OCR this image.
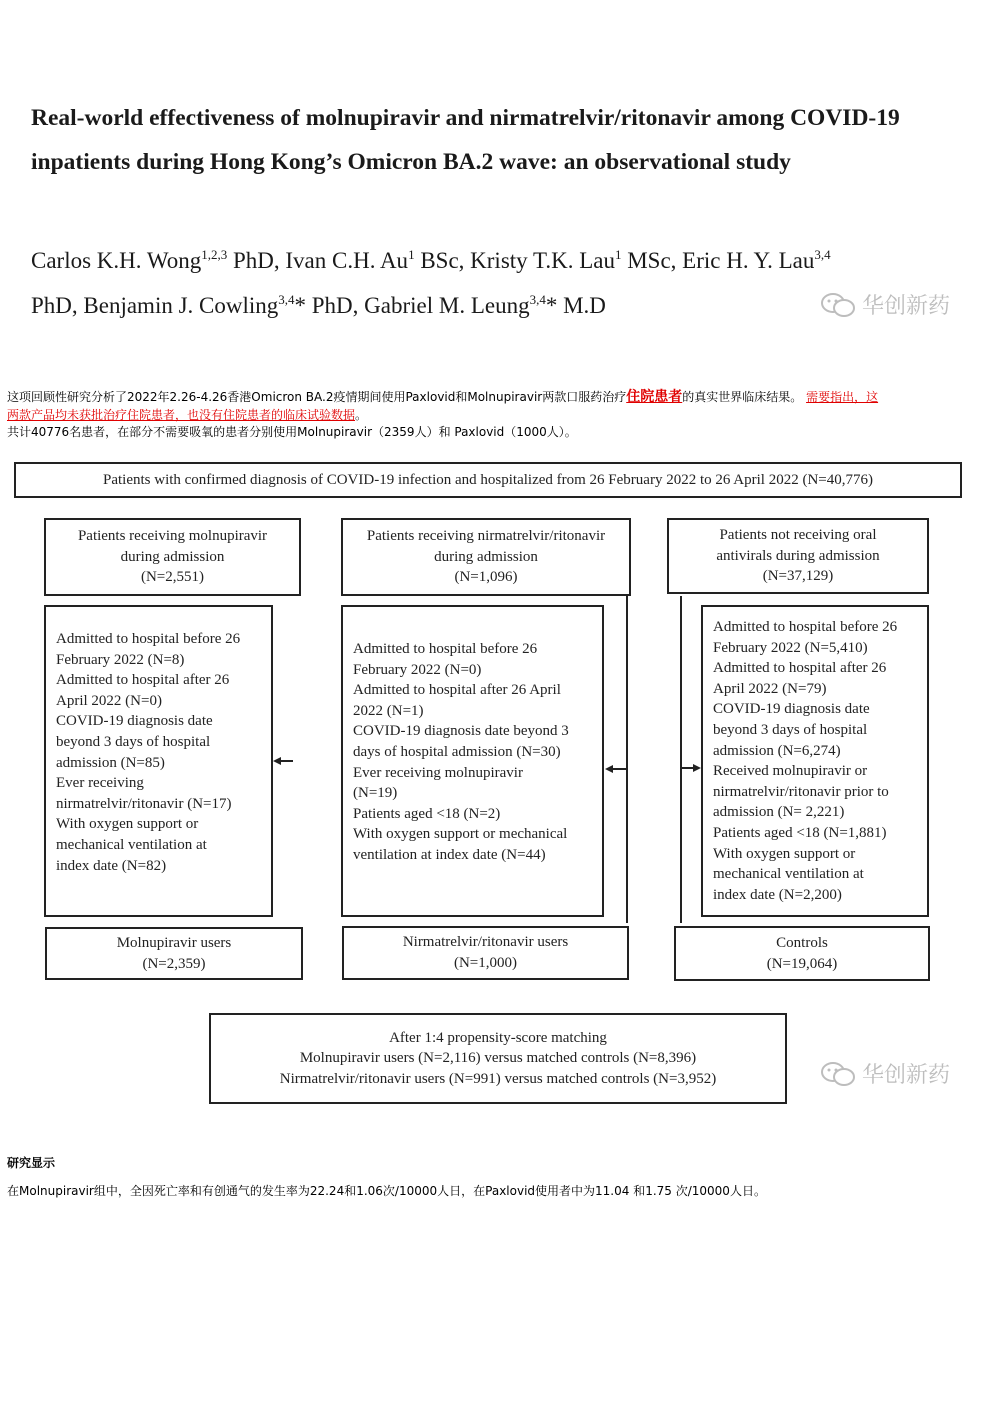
Real-world effectiveness of molnupiravir and nirmatrelvir/ritonavir among COVID-19 inpatients during Hong Kong’s Omicron BA.2 wave: an observational study
Carlos K.H. Wong$^{1,2,3}$ PhD, Ivan C.H. Au$^1$ BSc, Kristy T.K. Lau$^1$ MSc, Eric H. Y. Lau$^{3,4}$
PhD, Benjamin J. Cowling$^{3,4}$* PhD, Gabriel M. Leung$^{3,4}$* M.D	华创新药
这项回顾性研究分析了2022年2.26-4.26香港Omicron BA.2疫情期间使用Paxlovid和Molnupiravir两款口服药治疗住院患者的真实世界临床结果。 需要指出，这
两款产品均未获批治疗住院患者，也没有住院患者的临床试验数据。
共计40776名患者，在部分不需要吸氧的患者分别使用Molnupiravir（2359人）和 Paxlovid（1000人）。
Patients with confirmed diagnosis of COVID-19 infection and hospitalized from 26 February 2022 to 26 April 2022 (N=40,776)
Patients receiving molnupiravir
during admission
(N=2,551)
Patients receiving nirmatrelvir/ritonavir
during admission
(N=1,096)
Patients not receiving oral
antivirals during admission
(N=37,129)
Admitted to hospital before 26
February 2022 (N=8)
Admitted to hospital after 26
April 2022 (N=0)
COVID-19 diagnosis date
beyond 3 days of hospital
admission (N=85)
Ever receiving
nirmatrelvir/ritonavir (N=17)
With oxygen support or
mechanical ventilation at
index date (N=82)
Admitted to hospital before 26
February 2022 (N=0)
Admitted to hospital after 26 April
2022 (N=1)
COVID-19 diagnosis date beyond 3
days of hospital admission (N=30)
Ever receiving molnupiravir
(N=19)
Patients aged <18 (N=2)
With oxygen support or mechanical
ventilation at index date (N=44)
Admitted to hospital before 26
February 2022 (N=5,410)
Admitted to hospital after 26
April 2022 (N=79)
COVID-19 diagnosis date
beyond 3 days of hospital
admission (N=6,274)
Received molnupiravir or
nirmatrelvir/ritonavir prior to
admission (N= 2,221)
Patients aged <18 (N=1,881)
With oxygen support or
mechanical ventilation at
index date (N=2,200)
Molnupiravir users
(N=2,359)
Nirmatrelvir/ritonavir users
(N=1,000)
Controls
(N=19,064)
After 1:4 propensity-score matching
Molnupiravir users (N=2,116) versus matched controls (N=8,396)
Nirmatrelvir/ritonavir users (N=991) versus matched controls (N=3,952)	华创新药
研究显示
在Molnupiravir组中，全因死亡率和有创通气的发生率为22.24和1.06次/10000人日，在Paxlovid使用者中为11.04 和1.75 次/10000人日。
